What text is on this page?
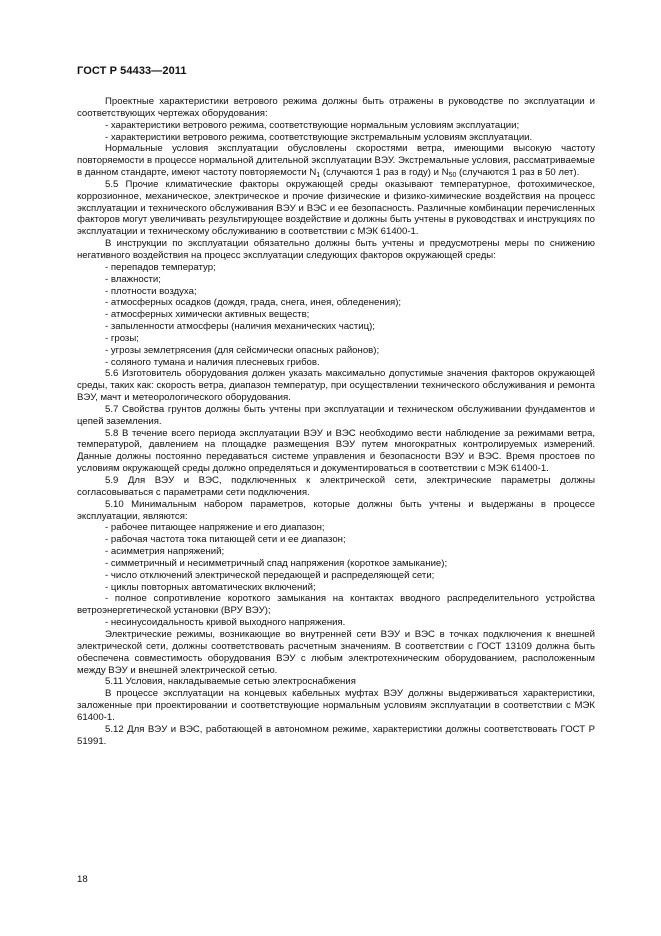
ГОСТ Р 54433—2011

Проектные характеристики ветрового режима должны быть отражены в руководстве по эксплуатации и соответствующих чертежах оборудования:

- характеристики ветрового режима, соответствующие нормальным условиям эксплуатации;

- характеристики ветрового режима, соответствующие экстремальным условиям эксплуатации.

Нормальные условия эксплуатации обусловлены скоростями ветра, имеющими высокую частоту повторяемости в процессе нормальной длительной эксплуатации ВЭУ. Экстремальные условия, рассматриваемые в данном стандарте, имеют частоту повторяемости $N_1$ (случаются 1 раз в году) и $N_{50}$ (случаются 1 раз в 50 лет).

5.5 Прочие климатические факторы окружающей среды оказывают температурное, фотохимическое, коррозионное, механическое, электрическое и прочие физические и физико-химические воздействия на процесс эксплуатации и технического обслуживания ВЭУ и ВЭС и ее безопасность. Различные комбинации перечисленных факторов могут увеличивать результирующее воздействие и должны быть учтены в руководствах и инструкциях по эксплуатации и техническому обслуживанию в соответствии с МЭК 61400-1.

В инструкции по эксплуатации обязательно должны быть учтены и предусмотрены меры по снижению негативного воздействия на процесс эксплуатации следующих факторов окружающей среды:

- перепадов температур;

- влажности;

- плотности воздуха;

- атмосферных осадков (дождя, града, снега, инея, обледенения);

- атмосферных химически активных веществ;

- запыленности атмосферы (наличия механических частиц);

- грозы;

- угрозы землетрясения (для сейсмически опасных районов);

- соляного тумана и наличия плесневых грибов.

5.6 Изготовитель оборудования должен указать максимально допустимые значения факторов окружающей среды, таких как: скорость ветра, диапазон температур, при осуществлении технического обслуживания и ремонта ВЭУ, мачт и метеорологического оборудования.

5.7 Свойства грунтов должны быть учтены при эксплуатации и техническом обслуживании фундаментов и цепей заземления.

5.8 В течение всего периода эксплуатации ВЭУ и ВЭС необходимо вести наблюдение за режимами ветра, температурой, давлением на площадке размещения ВЭУ путем многократных контролируемых измерений. Данные должны постоянно передаваться системе управления и безопасности ВЭУ и ВЭС. Время простоев по условиям окружающей среды должно определяться и документироваться в соответствии с МЭК 61400-1.

5.9 Для ВЭУ и ВЭС, подключенных к электрической сети, электрические параметры должны согласовываться с параметрами сети подключения.

5.10 Минимальным набором параметров, которые должны быть учтены и выдержаны в процессе эксплуатации, являются:

- рабочее питающее напряжение и его диапазон;

- рабочая частота тока питающей сети и ее диапазон;

- асимметрия напряжений;

- симметричный и несимметричный спад напряжения (короткое замыкание);

- число отключений электрической передающей и распределяющей сети;

- циклы повторных автоматических включений;

- полное сопротивление короткого замыкания на контактах вводного распределительного устройства ветроэнергетической установки (ВРУ ВЭУ);

- несинусоидальность кривой выходного напряжения.

Электрические режимы, возникающие во внутренней сети ВЭУ и ВЭС в точках подключения к внешней электрической сети, должны соответствовать расчетным значениям. В соответствии с ГОСТ 13109 должна быть обеспечена совместимость оборудования ВЭУ с любым электротехническим оборудованием, расположенным между ВЭУ и внешней электрической сетью.

5.11 Условия, накладываемые сетью электроснабжения

В процессе эксплуатации на концевых кабельных муфтах ВЭУ должны выдерживаться характеристики, заложенные при проектировании и соответствующие нормальным условиям эксплуатации в соответствии с МЭК 61400-1.

5.12 Для ВЭУ и ВЭС, работающей в автономном режиме, характеристики должны соответствовать ГОСТ Р 51991.

18
